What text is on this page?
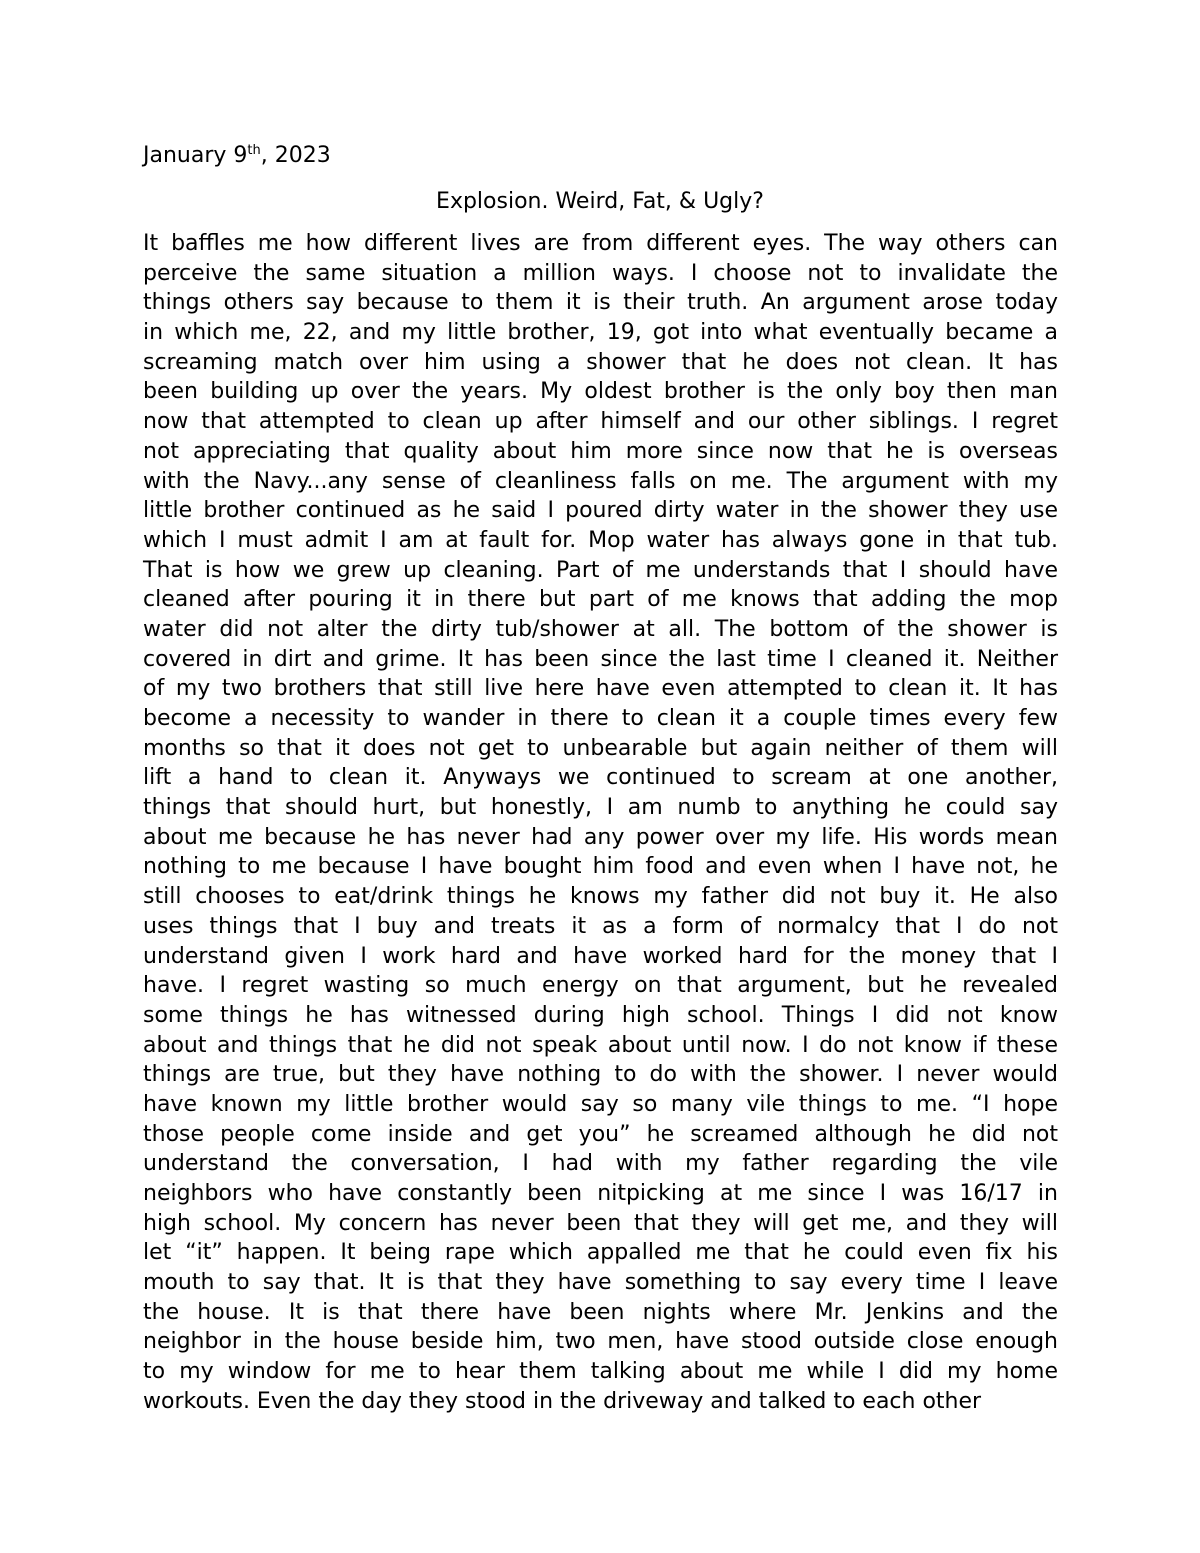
January 9th, 2023
Explosion. Weird, Fat, & Ugly?
It baffles me how different lives are from different eyes. The way others can
perceive the same situation a million ways. I choose not to invalidate the
things others say because to them it is their truth. An argument arose today
in which me, 22, and my little brother, 19, got into what eventually became a
screaming match over him using a shower that he does not clean. It has
been building up over the years. My oldest brother is the only boy then man
now that attempted to clean up after himself and our other siblings. I regret
not appreciating that quality about him more since now that he is overseas
with the Navy...any sense of cleanliness falls on me. The argument with my
little brother continued as he said I poured dirty water in the shower they use
which I must admit I am at fault for. Mop water has always gone in that tub.
That is how we grew up cleaning. Part of me understands that I should have
cleaned after pouring it in there but part of me knows that adding the mop
water did not alter the dirty tub/shower at all. The bottom of the shower is
covered in dirt and grime. It has been since the last time I cleaned it. Neither
of my two brothers that still live here have even attempted to clean it. It has
become a necessity to wander in there to clean it a couple times every few
months so that it does not get to unbearable but again neither of them will
lift a hand to clean it. Anyways we continued to scream at one another,
things that should hurt, but honestly, I am numb to anything he could say
about me because he has never had any power over my life. His words mean
nothing to me because I have bought him food and even when I have not, he
still chooses to eat/drink things he knows my father did not buy it. He also
uses things that I buy and treats it as a form of normalcy that I do not
understand given I work hard and have worked hard for the money that I
have. I regret wasting so much energy on that argument, but he revealed
some things he has witnessed during high school. Things I did not know
about and things that he did not speak about until now. I do not know if these
things are true, but they have nothing to do with the shower. I never would
have known my little brother would say so many vile things to me. “I hope
those people come inside and get you” he screamed although he did not
understand the conversation, I had with my father regarding the vile
neighbors who have constantly been nitpicking at me since I was 16/17 in
high school. My concern has never been that they will get me, and they will
let “it” happen. It being rape which appalled me that he could even fix his
mouth to say that. It is that they have something to say every time I leave
the house. It is that there have been nights where Mr. Jenkins and the
neighbor in the house beside him, two men, have stood outside close enough
to my window for me to hear them talking about me while I did my home
workouts. Even the day they stood in the driveway and talked to each other
